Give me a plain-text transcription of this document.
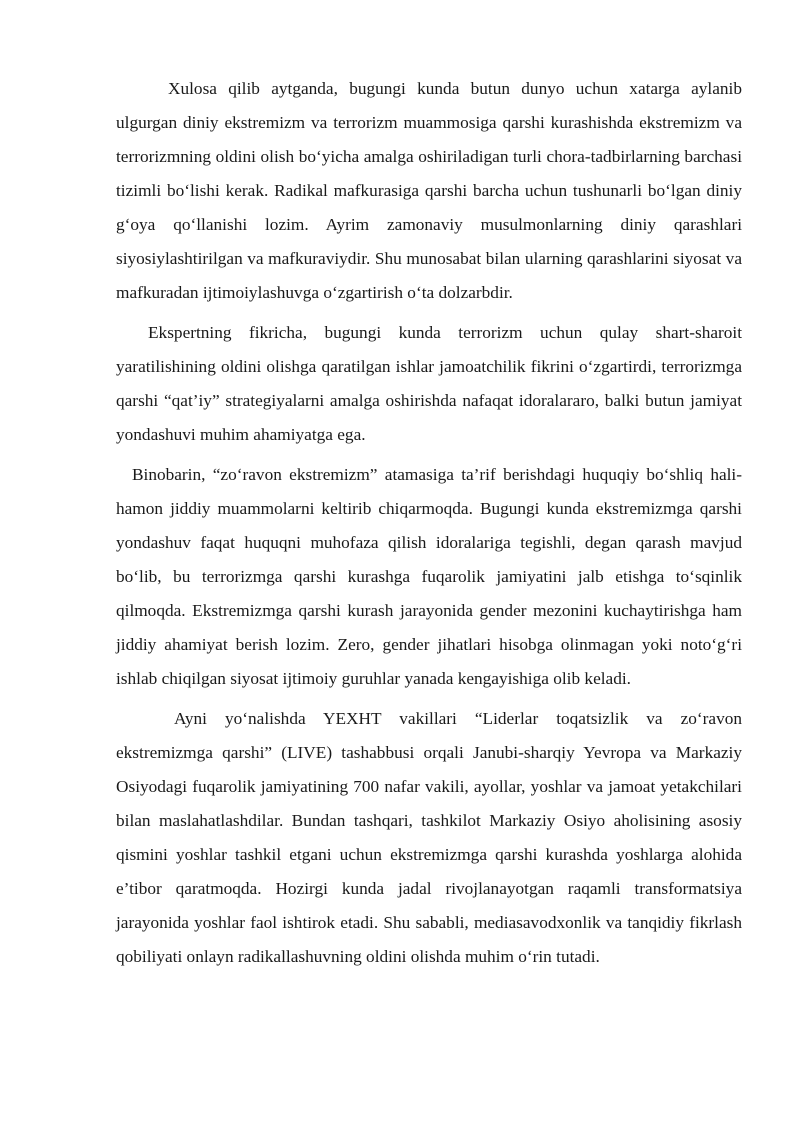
Xulosa qilib aytganda, bugungi kunda butun dunyo uchun xatarga aylanib ulgurgan diniy ekstremizm va terrorizm muammosiga qarshi kurashishda ekstremizm va terrorizmning oldini olish bo‘yicha amalga oshiriladigan turli chora-tadbirlarning barchasi tizimli bo‘lishi kerak. Radikal mafkurasiga qarshi barcha uchun tushunarli bo‘lgan diniy g‘oya qo‘llanishi lozim. Ayrim zamonaviy musulmonlarning diniy qarashlari siyosiylashtirilgan va mafkuraviydir. Shu munosabat bilan ularning qarashlarini siyosat va mafkuradan ijtimoiylashuvga o‘zgartirish o‘ta dolzarbdir.

Ekspertning fikricha, bugungi kunda terrorizm uchun qulay shart-sharoit yaratilishining oldini olishga qaratilgan ishlar jamoatchilik fikrini o‘zgartirdi, terrorizmga qarshi “qat’iy” strategiyalarni amalga oshirishda nafaqat idoralararo, balki butun jamiyat yondashuvi muhim ahamiyatga ega.

Binobarin, “zo‘ravon ekstremizm” atamasiga ta’rif berishdagi huquqiy bo‘shliq hali-hamon jiddiy muammolarni keltirib chiqarmoqda. Bugungi kunda ekstremizmga qarshi yondashuv faqat huquqni muhofaza qilish idoralariga tegishli, degan qarash mavjud bo‘lib, bu terrorizmga qarshi kurashga fuqarolik jamiyatini jalb etishga to‘sqinlik qilmoqda. Ekstremizmga qarshi kurash jarayonida gender mezonini kuchaytirishga ham jiddiy ahamiyat berish lozim. Zero, gender jihatlari hisobga olinmagan yoki noto‘g‘ri ishlab chiqilgan siyosat ijtimoiy guruhlar yanada kengayishiga olib keladi.

Ayni yo‘nalishda YEXHT vakillari “Liderlar toqatsizlik va zo‘ravon ekstremizmga qarshi” (LIVE) tashabbusi orqali Janubi-sharqiy Yevropa va Markaziy Osiyodagi fuqarolik jamiyatining 700 nafar vakili, ayollar, yoshlar va jamoat yetakchilari bilan maslahatlashdilar. Bundan tashqari, tashkilot Markaziy Osiyo aholisining asosiy qismini yoshlar tashkil etgani uchun ekstremizmga qarshi kurashda yoshlarga alohida e’tibor qaratmoqda. Hozirgi kunda jadal rivojlanayotgan raqamli transformatsiya jarayonida yoshlar faol ishtirok etadi. Shu sababli, mediasavodxonlik va tanqidiy fikrlash qobiliyati onlayn radikallashuvning oldini olishda muhim o‘rin tutadi.
